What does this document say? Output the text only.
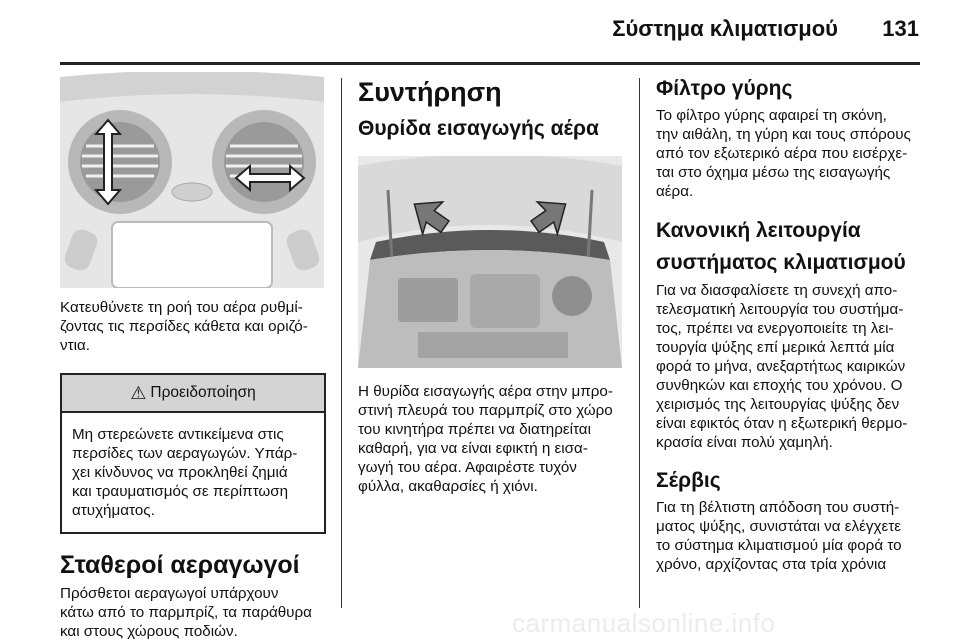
Σύστημα κλιματισμού 131

Κατευθύνετε τη ροή του αέρα ρυθμί-
ζοντας τις περσίδες κάθετα και οριζό-
ντια.

⚠ Προειδοποίηση

Μη στερεώνετε αντικείμενα στις
περσίδες των αεραγωγών. Υπάρ-
χει κίνδυνος να προκληθεί ζημιά
και τραυματισμός σε περίπτωση
ατυχήματος.

Σταθεροί αεραγωγοί

Πρόσθετοι αεραγωγοί υπάρχουν
κάτω από το παρμπρίζ, τα παράθυρα
και στους χώρους ποδιών.

Συντήρηση
Θυρίδα εισαγωγής αέρα

Η θυρίδα εισαγωγής αέρα στην μπρο-
στινή πλευρά του παρμπρίζ στο χώρο
του κινητήρα πρέπει να διατηρείται
καθαρή, για να είναι εφικτή η εισα-
γωγή του αέρα. Αφαιρέστε τυχόν
φύλλα, ακαθαρσίες ή χιόνι.

Φίλτρο γύρης

Το φίλτρο γύρης αφαιρεί τη σκόνη,
την αιθάλη, τη γύρη και τους σπόρους
από τον εξωτερικό αέρα που εισέρχε-
ται στο όχημα μέσω της εισαγωγής
αέρα.

Κανονική λειτουργία
συστήματος κλιματισμού

Για να διασφαλίσετε τη συνεχή απο-
τελεσματική λειτουργία του συστήμα-
τος, πρέπει να ενεργοποιείτε τη λει-
τουργία ψύξης επί μερικά λεπτά μία
φορά το μήνα, ανεξαρτήτως καιρικών
συνθηκών και εποχής του χρόνου. Ο
χειρισμός της λειτουργίας ψύξης δεν
είναι εφικτός όταν η εξωτερική θερμο-
κρασία είναι πολύ χαμηλή.

Σέρβις

Για τη βέλτιστη απόδοση του συστή-
ματος ψύξης, συνιστάται να ελέγχετε
το σύστημα κλιματισμού μία φορά το
χρόνο, αρχίζοντας στα τρία χρόνια

carmanualsonline.info
